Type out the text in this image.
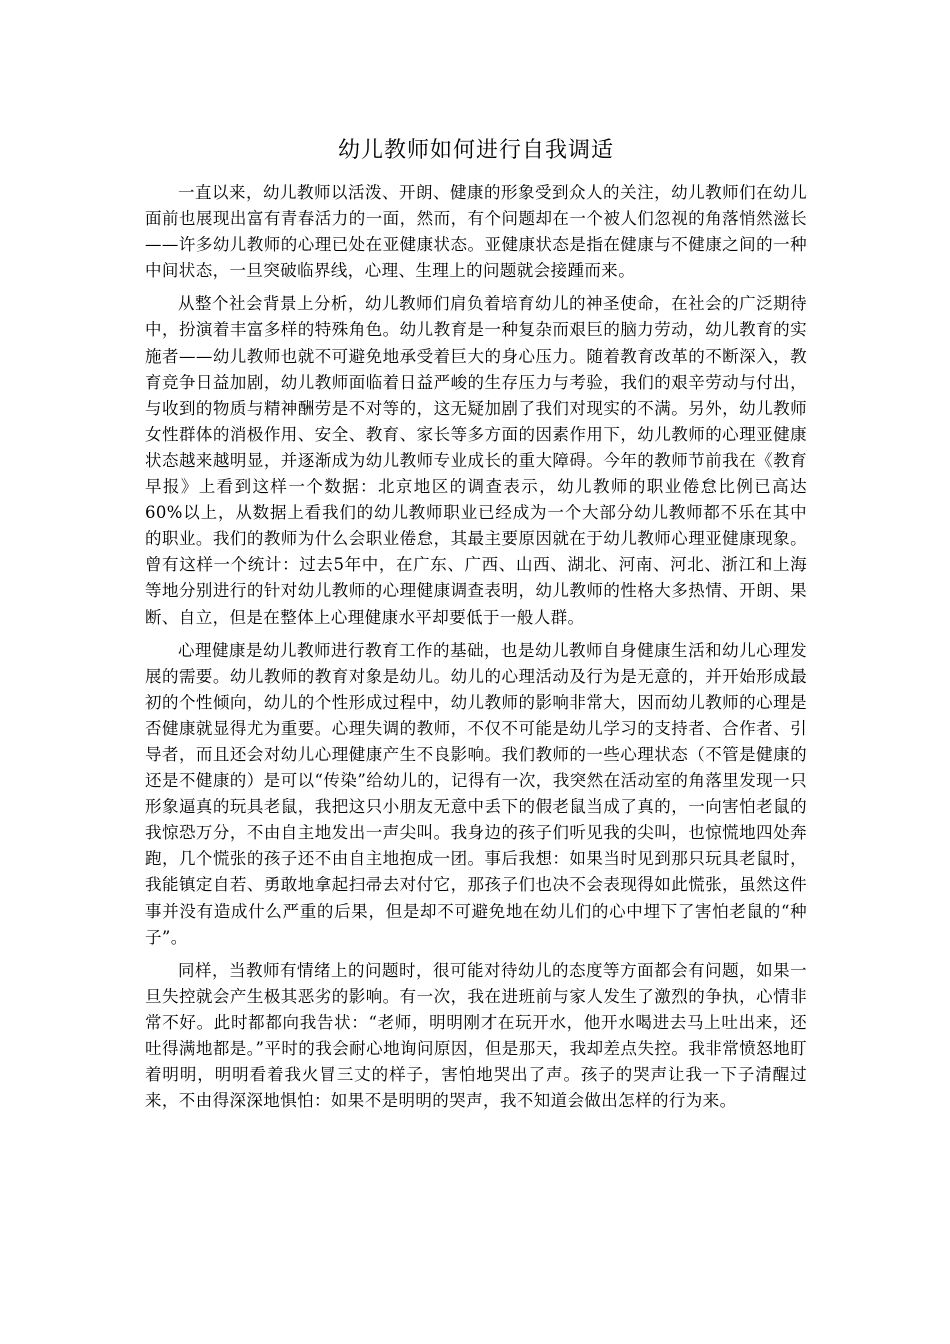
幼儿教师如何进行自我调适

一直以来，幼儿教师以活泼、开朗、健康的形象受到众人的关注，幼儿教师们在幼儿面前也展现出富有青春活力的一面，然而，有个问题却在一个被人们忽视的角落悄然滋长——许多幼儿教师的心理已处在亚健康状态。亚健康状态是指在健康与不健康之间的一种中间状态，一旦突破临界线，心理、生理上的问题就会接踵而来。

从整个社会背景上分析，幼儿教师们肩负着培育幼儿的神圣使命，在社会的广泛期待中，扮演着丰富多样的特殊角色。幼儿教育是一种复杂而艰巨的脑力劳动，幼儿教育的实施者——幼儿教师也就不可避免地承受着巨大的身心压力。随着教育改革的不断深入，教育竞争日益加剧，幼儿教师面临着日益严峻的生存压力与考验，我们的艰辛劳动与付出，与收到的物质与精神酬劳是不对等的，这无疑加剧了我们对现实的不满。另外，幼儿教师女性群体的消极作用、安全、教育、家长等多方面的因素作用下，幼儿教师的心理亚健康状态越来越明显，并逐渐成为幼儿教师专业成长的重大障碍。今年的教师节前我在《教育早报》上看到这样一个数据：北京地区的调查表示，幼儿教师的职业倦怠比例已高达60%以上，从数据上看我们的幼儿教师职业已经成为一个大部分幼儿教师都不乐在其中的职业。我们的教师为什么会职业倦怠，其最主要原因就在于幼儿教师心理亚健康现象。曾有这样一个统计：过去5年中，在广东、广西、山西、湖北、河南、河北、浙江和上海等地分别进行的针对幼儿教师的心理健康调查表明，幼儿教师的性格大多热情、开朗、果断、自立，但是在整体上心理健康水平却要低于一般人群。

心理健康是幼儿教师进行教育工作的基础，也是幼儿教师自身健康生活和幼儿心理发展的需要。幼儿教师的教育对象是幼儿。幼儿的心理活动及行为是无意的，并开始形成最初的个性倾向，幼儿的个性形成过程中，幼儿教师的影响非常大，因而幼儿教师的心理是否健康就显得尤为重要。心理失调的教师，不仅不可能是幼儿学习的支持者、合作者、引导者，而且还会对幼儿心理健康产生不良影响。我们教师的一些心理状态（不管是健康的还是不健康的）是可以“传染”给幼儿的，记得有一次，我突然在活动室的角落里发现一只形象逼真的玩具老鼠，我把这只小朋友无意中丢下的假老鼠当成了真的，一向害怕老鼠的我惊恐万分，不由自主地发出一声尖叫。我身边的孩子们听见我的尖叫，也惊慌地四处奔跑，几个慌张的孩子还不由自主地抱成一团。事后我想：如果当时见到那只玩具老鼠时，我能镇定自若、勇敢地拿起扫帚去对付它，那孩子们也决不会表现得如此慌张，虽然这件事并没有造成什么严重的后果，但是却不可避免地在幼儿们的心中埋下了害怕老鼠的“种子”。

同样，当教师有情绪上的问题时，很可能对待幼儿的态度等方面都会有问题，如果一旦失控就会产生极其恶劣的影响。有一次，我在进班前与家人发生了激烈的争执，心情非常不好。此时都都向我告状：“老师，明明刚才在玩开水，他开水喝进去马上吐出来，还吐得满地都是。”平时的我会耐心地询问原因，但是那天，我却差点失控。我非常愤怒地盯着明明，明明看着我火冒三丈的样子，害怕地哭出了声。孩子的哭声让我一下子清醒过来，不由得深深地惧怕：如果不是明明的哭声，我不知道会做出怎样的行为来。
